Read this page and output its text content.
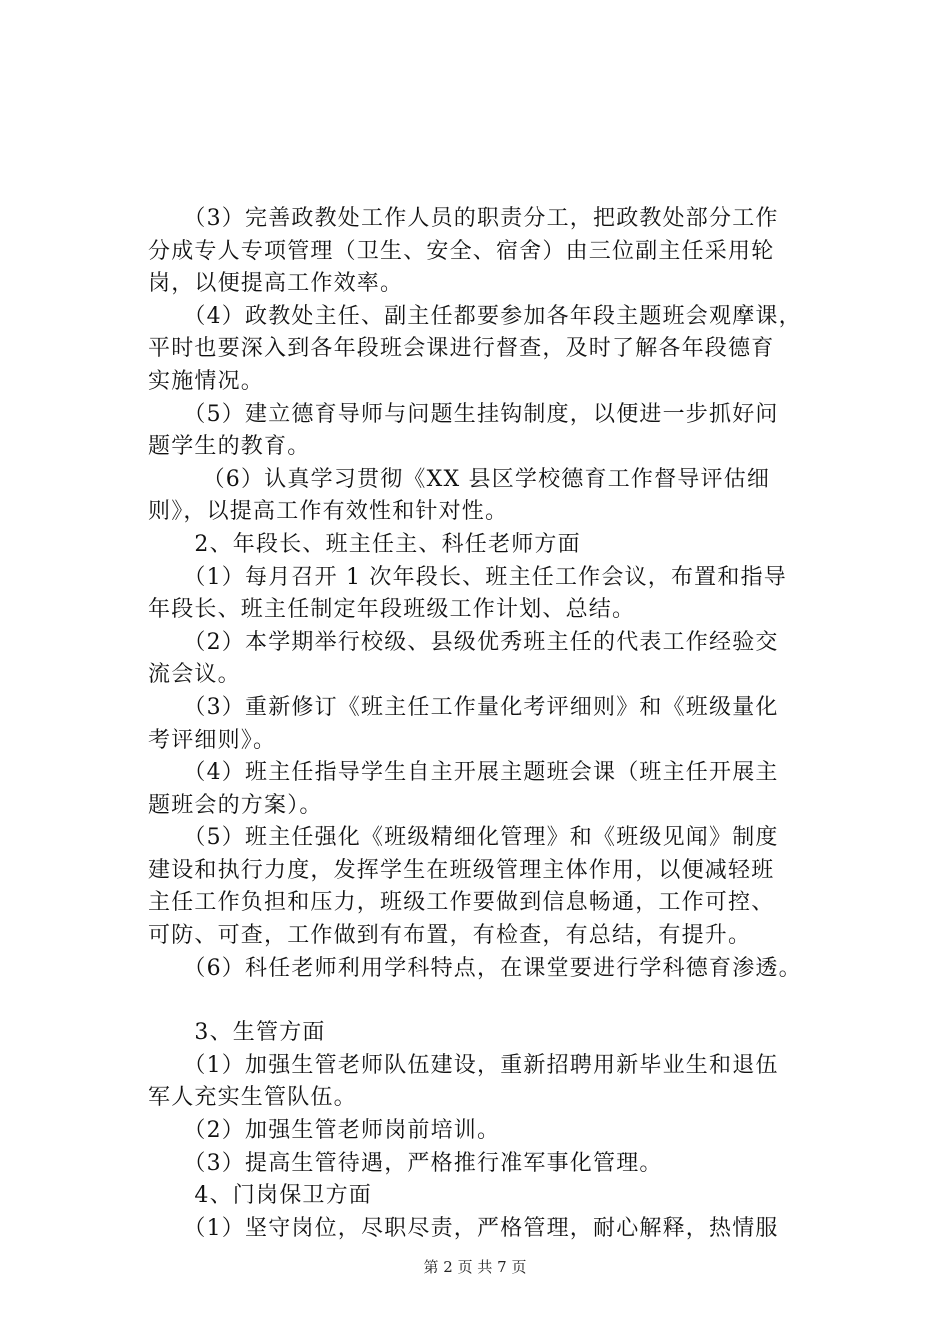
　　（3）完善政教处工作人员的职责分工，把政教处部分工作
分成专人专项管理（卫生、安全、宿舍）由三位副主任采用轮
岗，以便提高工作效率。
　　（4）政教处主任、副主任都要参加各年段主题班会观摩课，
平时也要深入到各年段班会课进行督查，及时了解各年段德育
实施情况。
　　（5）建立德育导师与问题生挂钩制度，以便进一步抓好问
题学生的教育。
　　 （6）认真学习贯彻《XX 县区学校德育工作督导评估细
则》，以提高工作有效性和针对性。
　　2、年段长、班主任主、科任老师方面
　　（1）每月召开 1 次年段长、班主任工作会议，布置和指导
年段长、班主任制定年段班级工作计划、总结。
　　（2）本学期举行校级、县级优秀班主任的代表工作经验交
流会议。
　　（3）重新修订《班主任工作量化考评细则》和《班级量化
考评细则》。
　　（4）班主任指导学生自主开展主题班会课（班主任开展主
题班会的方案）。
　　（5）班主任强化《班级精细化管理》和《班级见闻》制度
建设和执行力度，发挥学生在班级管理主体作用，以便减轻班
主任工作负担和压力，班级工作要做到信息畅通，工作可控、
可防、可查，工作做到有布置，有检查，有总结，有提升。
　　（6）科任老师利用学科特点，在课堂要进行学科德育渗透。
　　3、生管方面
　　（1）加强生管老师队伍建设，重新招聘用新毕业生和退伍
军人充实生管队伍。
　　（2）加强生管老师岗前培训。
　　（3）提高生管待遇，严格推行准军事化管理。
　　4、门岗保卫方面
　　（1）坚守岗位，尽职尽责，严格管理，耐心解释，热情服
第 2 页 共 7 页
